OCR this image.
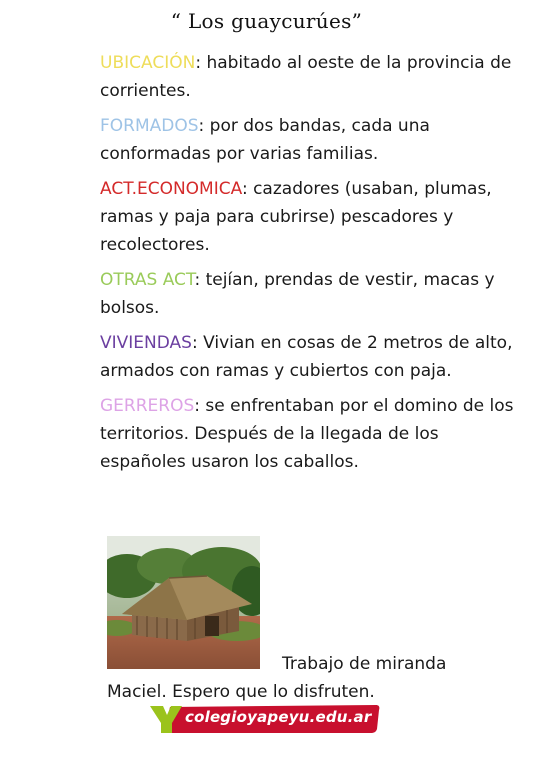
“ Los guaycurúes”
UBICACIÓN: habitado al oeste de la provincia de corrientes.
FORMADOS: por dos bandas, cada una conformadas por varias familias.
ACT.ECONOMICA: cazadores (usaban, plumas, ramas y paja para cubrirse) pescadores y recolectores.
OTRAS ACT: tejían, prendas de vestir, macas y bolsos.
VIVIENDAS: Vivian en cosas de 2 metros de alto, armados con ramas y cubiertos con paja.
GERREROS: se enfrentaban por el domino de los territorios. Después de la llegada de los españoles usaron los caballos.
Trabajo de miranda
Maciel. Espero que lo disfruten.
colegioyapeyu.edu.ar
